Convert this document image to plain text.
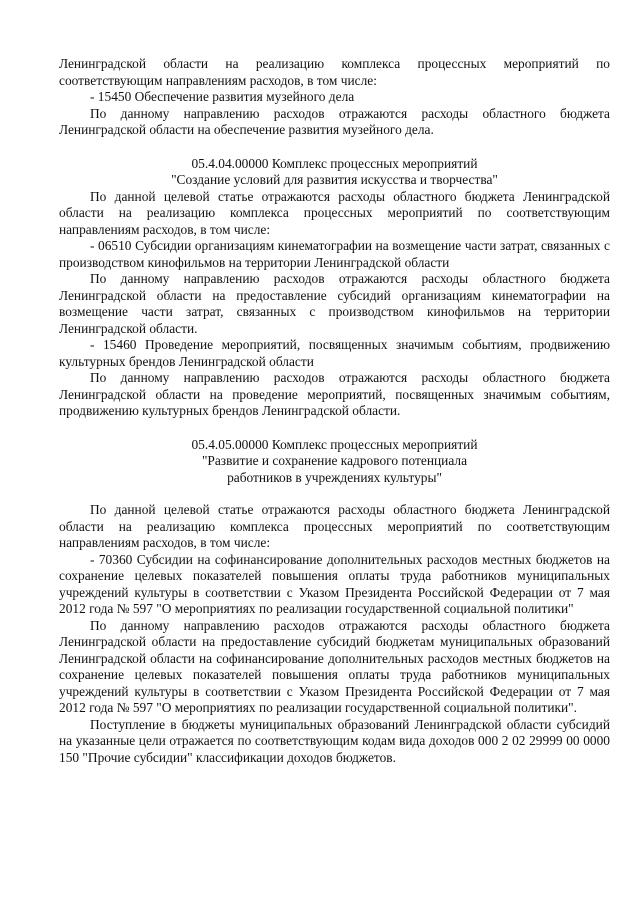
Ленинградской области на реализацию комплекса процессных мероприятий по соответствующим направлениям расходов, в том числе:

- 15450 Обеспечение развития музейного дела

По данному направлению расходов отражаются расходы областного бюджета Ленинградской области на обеспечение развития музейного дела.

05.4.04.00000 Комплекс процессных мероприятий

"Создание условий для развития искусства и творчества"

По данной целевой статье отражаются расходы областного бюджета Ленинградской области на реализацию комплекса процессных мероприятий по соответствующим направлениям расходов, в том числе:

- 06510 Субсидии организациям кинематографии на возмещение части затрат, связанных с производством кинофильмов на территории Ленинградской области

По данному направлению расходов отражаются расходы областного бюджета Ленинградской области на предоставление субсидий организациям кинематографии на возмещение части затрат, связанных с производством кинофильмов на территории Ленинградской области.

- 15460 Проведение мероприятий, посвященных значимым событиям, продвижению культурных брендов Ленинградской области

По данному направлению расходов отражаются расходы областного бюджета Ленинградской области на проведение мероприятий, посвященных значимым событиям, продвижению культурных брендов Ленинградской области.

05.4.05.00000 Комплекс процессных мероприятий

"Развитие и сохранение кадрового потенциала

работников в учреждениях культуры"

По данной целевой статье отражаются расходы областного бюджета Ленинградской области на реализацию комплекса процессных мероприятий по соответствующим направлениям расходов, в том числе:

- 70360 Субсидии на софинансирование дополнительных расходов местных бюджетов на сохранение целевых показателей повышения оплаты труда работников муниципальных учреждений культуры в соответствии с Указом Президента Российской Федерации от 7 мая 2012 года № 597 "О мероприятиях по реализации государственной социальной политики"

По данному направлению расходов отражаются расходы областного бюджета Ленинградской области на предоставление субсидий бюджетам муниципальных образований Ленинградской области на софинансирование дополнительных расходов местных бюджетов на сохранение целевых показателей повышения оплаты труда работников муниципальных учреждений культуры в соответствии с Указом Президента Российской Федерации от 7 мая 2012 года № 597 "О мероприятиях по реализации государственной социальной политики".

Поступление в бюджеты муниципальных образований Ленинградской области субсидий на указанные цели отражается по соответствующим кодам вида доходов 000 2 02 29999 00 0000 150 "Прочие субсидии" классификации доходов бюджетов.
